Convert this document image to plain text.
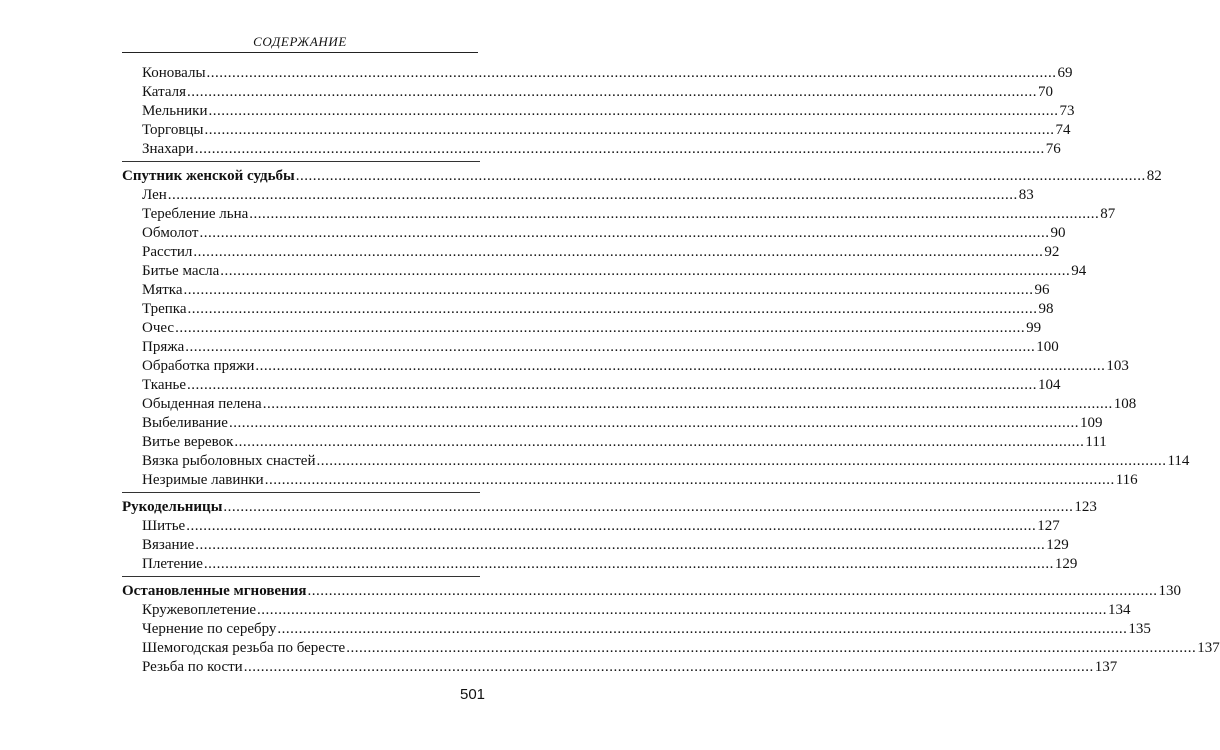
СОДЕРЖАНИЕ
Коновалы ........................................................................................................................................................................................................ 69
Каталя ........................................................................................................................................................................................................ 70
Мельники ........................................................................................................................................................................................................ 73
Торговцы ........................................................................................................................................................................................................ 74
Знахари ........................................................................................................................................................................................................ 76
Спутник женской судьбы ........................................................................................................................................................................................................ 82
Лен ........................................................................................................................................................................................................ 83
Теребление льна ........................................................................................................................................................................................................ 87
Обмолот ........................................................................................................................................................................................................ 90
Расстил ........................................................................................................................................................................................................ 92
Битье масла ........................................................................................................................................................................................................ 94
Мятка ........................................................................................................................................................................................................ 96
Трепка ........................................................................................................................................................................................................ 98
Очес ........................................................................................................................................................................................................ 99
Пряжа ........................................................................................................................................................................................................ 100
Обработка пряжи ........................................................................................................................................................................................................ 103
Тканье ........................................................................................................................................................................................................ 104
Обыденная пелена ........................................................................................................................................................................................................ 108
Выбеливание ........................................................................................................................................................................................................ 109
Витье веревок ........................................................................................................................................................................................................ 111
Вязка рыболовных снастей ........................................................................................................................................................................................................ 114
Незримые лавинки ........................................................................................................................................................................................................ 116
Рукодельницы ........................................................................................................................................................................................................ 123
Шитье ........................................................................................................................................................................................................ 127
Вязание ........................................................................................................................................................................................................ 129
Плетение ........................................................................................................................................................................................................ 129
Остановленные мгновения ........................................................................................................................................................................................................ 130
Кружевоплетение ........................................................................................................................................................................................................ 134
Чернение по серебру ........................................................................................................................................................................................................ 135
Шемогодская резьба по бересте ........................................................................................................................................................................................................ 137
Резьба по кости ........................................................................................................................................................................................................ 137
501
